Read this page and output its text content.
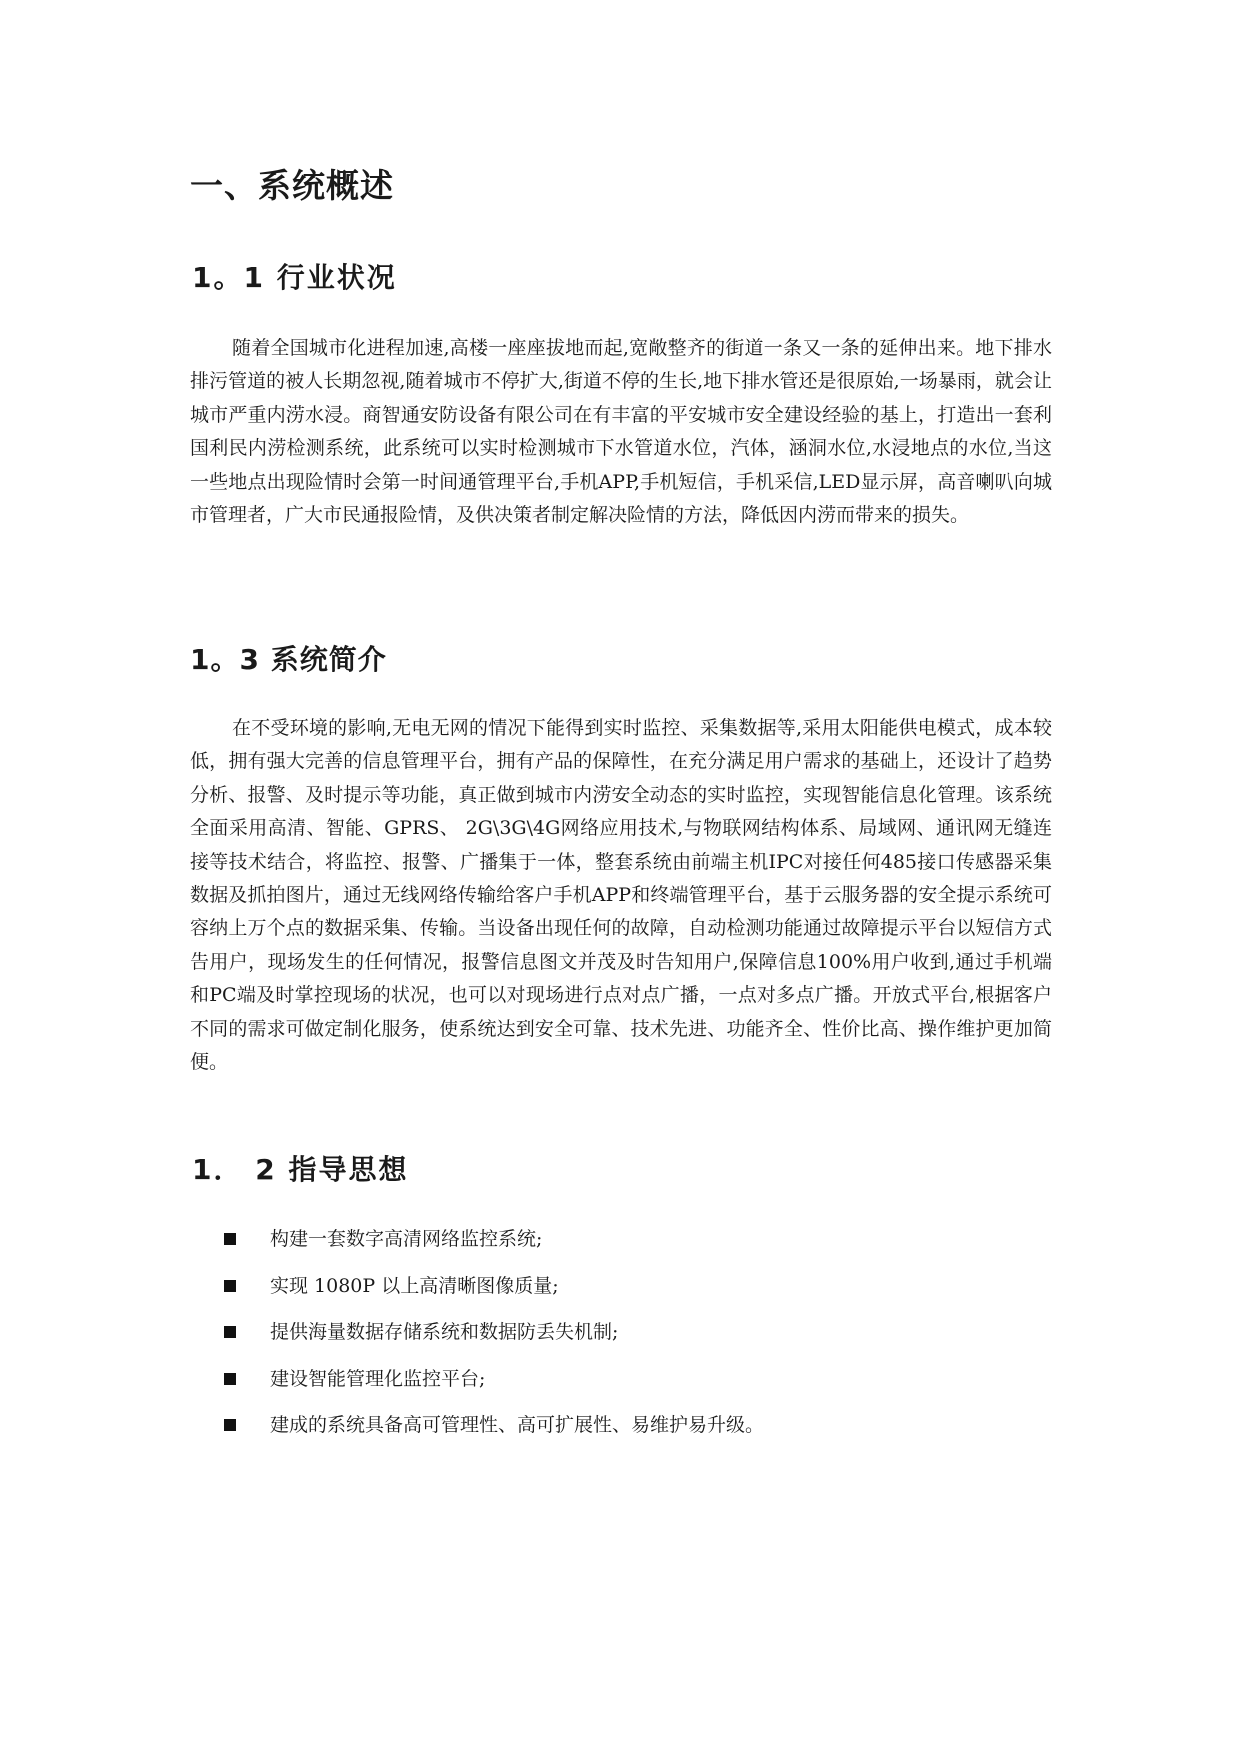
一、系统概述
1。1 行业状况

随着全国城市化进程加速,高楼一座座拔地而起,宽敞整齐的街道一条又一条的延伸出来。地下排水排污管道的被人长期忽视,随着城市不停扩大,街道不停的生长,地下排水管还是很原始,一场暴雨，就会让城市严重内涝水浸。商智通安防设备有限公司在有丰富的平安城市安全建设经验的基上，打造出一套利国利民内涝检测系统，此系统可以实时检测城市下水管道水位，汽体，涵洞水位,水浸地点的水位,当这一些地点出现险情时会第一时间通管理平台,手机APP,手机短信，手机采信,LED显示屏，高音喇叭向城市管理者，广大市民通报险情，及供决策者制定解决险情的方法，降低因内涝而带来的损失。

1。3 系统简介

在不受环境的影响,无电无网的情况下能得到实时监控、采集数据等,采用太阳能供电模式，成本较低，拥有强大完善的信息管理平台，拥有产品的保障性，在充分满足用户需求的基础上，还设计了趋势分析、报警、及时提示等功能，真正做到城市内涝安全动态的实时监控，实现智能信息化管理。该系统全面采用高清、智能、GPRS、 2G\3G\4G网络应用技术,与物联网结构体系、局域网、通讯网无缝连接等技术结合，将监控、报警、广播集于一体，整套系统由前端主机IPC对接任何485接口传感器采集数据及抓拍图片，通过无线网络传输给客户手机APP和终端管理平台，基于云服务器的安全提示系统可容纳上万个点的数据采集、传输。当设备出现任何的故障，自动检测功能通过故障提示平台以短信方式告用户，现场发生的任何情况，报警信息图文并茂及时告知用户,保障信息100%用户收到,通过手机端和PC端及时掌控现场的状况，也可以对现场进行点对点广播，一点对多点广播。开放式平台,根据客户不同的需求可做定制化服务，使系统达到安全可靠、技术先进、功能齐全、性价比高、操作维护更加简便。

1． 2 指导思想
构建一套数字高清网络监控系统;
实现 1080P 以上高清晰图像质量;
提供海量数据存储系统和数据防丢失机制;
建设智能管理化监控平台;
建成的系统具备高可管理性、高可扩展性、易维护易升级。
